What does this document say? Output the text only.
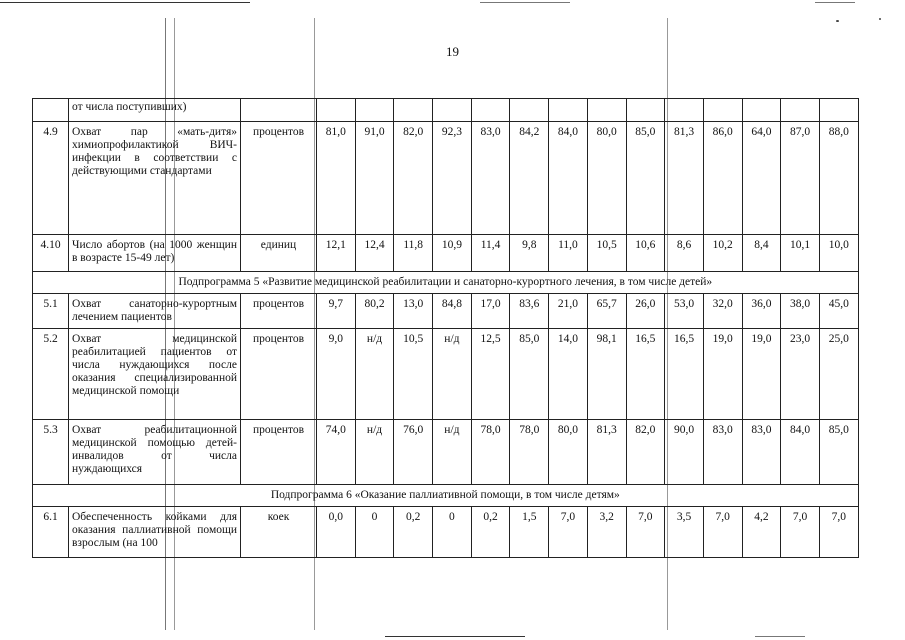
19
	от числа поступивших)															
4.9	Охват пар «мать-дитя» химиопрофилактикой ВИЧ-инфекции в соответствии с действующими стандартами	процентов	81,0	91,0	82,0	92,3	83,0	84,2	84,0	80,0	85,0	81,3	86,0	64,0	87,0	88,0
4.10	Число абортов (на 1000 женщин в возрасте 15-49 лет)	единиц	12,1	12,4	11,8	10,9	11,4	9,8	11,0	10,5	10,6	8,6	10,2	8,4	10,1	10,0
Подпрограмма 5 «Развитие медицинской реабилитации и санаторно-курортного лечения, в том числе детей»																
5.1	Охват санаторно-курортным лечением пациентов	процентов	9,7	80,2	13,0	84,8	17,0	83,6	21,0	65,7	26,0	53,0	32,0	36,0	38,0	45,0
5.2	Охват медицинской реабилитацией пациентов от числа нуждающихся после оказания специализированной медицинской помощи	процентов	9,0	н/д	10,5	н/д	12,5	85,0	14,0	98,1	16,5	16,5	19,0	19,0	23,0	25,0
5.3	Охват реабилитационной медицинской помощью детей-инвалидов от числа нуждающихся	процентов	74,0	н/д	76,0	н/д	78,0	78,0	80,0	81,3	82,0	90,0	83,0	83,0	84,0	85,0
Подпрограмма 6 «Оказание паллиативной помощи, в том числе детям»																
6.1	Обеспеченность койками для оказания паллиативной помощи взрослым (на 100	коек	0,0	0	0,2	0	0,2	1,5	7,0	3,2	7,0	3,5	7,0	4,2	7,0	7,0
